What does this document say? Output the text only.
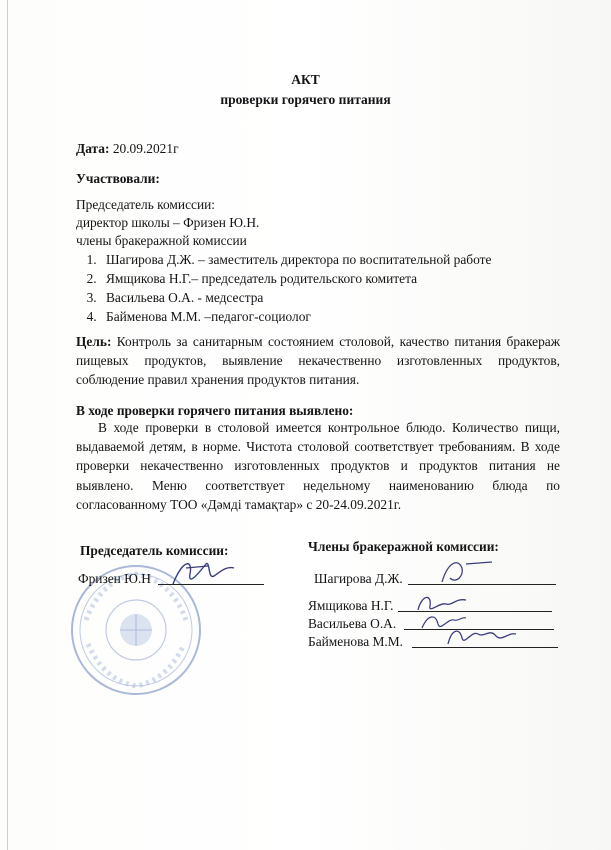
АКТ
проверки горячего питания
Дата: 20.09.2021г
Участвовали:
Председатель комиссии:
директор школы – Фризен Ю.Н.
члены бракеражной комиссии
1. Шагирова Д.Ж. – заместитель директора по воспитательной работе
2. Ямщикова Н.Г.– председатель родительского комитета
3. Васильева О.А. - медсестра
4. Байменова М.М. –педагог-социолог
Цель: Контроль за санитарным состоянием столовой, качество питания бракераж пищевых продуктов, выявление некачественно изготовленных продуктов, соблюдение правил хранения продуктов питания.
В ходе проверки горячего питания выявлено:
В ходе проверки в столовой имеется контрольное блюдо. Количество пищи, выдаваемой детям, в норме. Чистота столовой соответствует требованиям. В ходе проверки некачественно изготовленных продуктов и продуктов питания не выявлено. Меню соответствует недельному наименованию блюда по согласованному ТОО «Дәмді тамақтар» с 20-24.09.2021г.
Председатель комиссии:
Фризен Ю.Н
Члены бракеражной комиссии:
Шагирова Д.Ж.
Ямщикова Н.Г.
Васильева О.А.
Байменова М.М.
